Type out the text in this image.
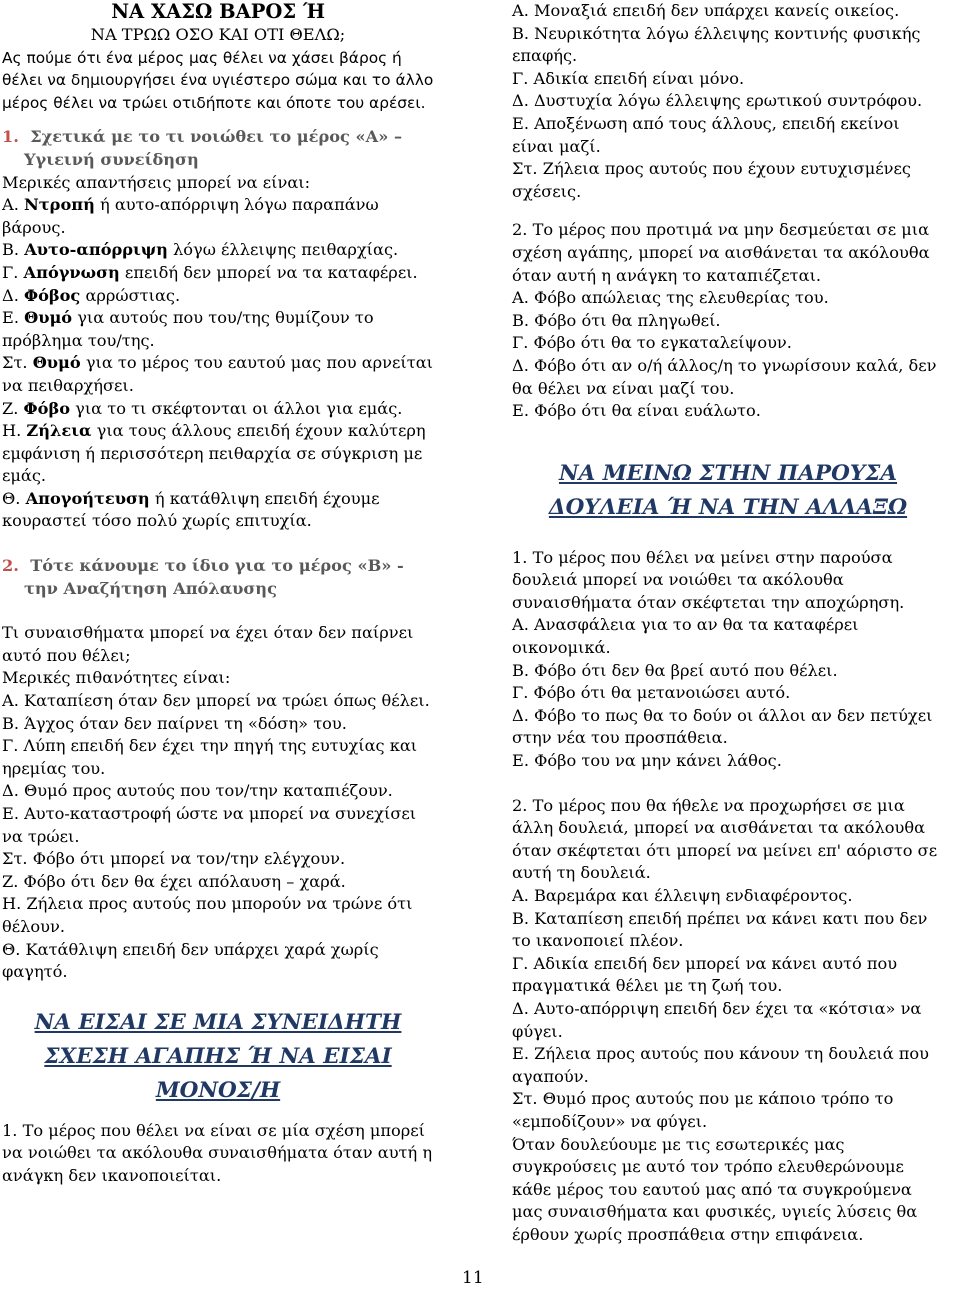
ΝΑ ΧΑΣΩ ΒΑΡΟΣ Ή

ΝΑ ΤΡΩΩ ΟΣΟ ΚΑΙ ΟΤΙ ΘΕΛΩ;

Ας πούμε ότι ένα μέρος μας θέλει να χάσει βάρος ή θέλει να δημιουργήσει ένα υγιέστερο σώμα και το άλλο μέρος θέλει να τρώει οτιδήποτε και όποτε του αρέσει.

1. Σχετικά με το τι νοιώθει το μέρος «Α» – Υγιεινή συνείδηση

Μερικές απαντήσεις μπορεί να είναι:

Α. Ντροπή ή αυτο-απόρριψη λόγω παραπάνω βάρους.

Β. Αυτο-απόρριψη λόγω έλλειψης πειθαρχίας.

Γ. Απόγνωση επειδή δεν μπορεί να τα καταφέρει.

Δ. Φόβος αρρώστιας.

Ε. Θυμό για αυτούς που του/της θυμίζουν το πρόβλημα του/της.

Στ. Θυμό για το μέρος του εαυτού μας που αρνείται να πειθαρχήσει.

Ζ. Φόβο για το τι σκέφτονται οι άλλοι για εμάς.

Η. Ζήλεια για τους άλλους επειδή έχουν καλύτερη εμφάνιση ή περισσότερη πειθαρχία σε σύγκριση με εμάς.

Θ. Απογοήτευση ή κατάθλιψη επειδή έχουμε κουραστεί τόσο πολύ χωρίς επιτυχία.

2. Τότε κάνουμε το ίδιο για το μέρος «Β» - την Αναζήτηση Απόλαυσης

Τι συναισθήματα μπορεί να έχει όταν δεν παίρνει αυτό που θέλει;

Μερικές πιθανότητες είναι:

Α. Καταπίεση όταν δεν μπορεί να τρώει όπως θέλει.

Β. Άγχος όταν δεν παίρνει τη «δόση» του.

Γ. Λύπη επειδή δεν έχει την πηγή της ευτυχίας και ηρεμίας του.

Δ. Θυμό προς αυτούς που τον/την καταπιέζουν.

Ε. Αυτο-καταστροφή ώστε να μπορεί να συνεχίσει να τρώει.

Στ. Φόβο ότι μπορεί να τον/την ελέγχουν.

Ζ. Φόβο ότι δεν θα έχει απόλαυση – χαρά.

Η. Ζήλεια προς αυτούς που μπορούν να τρώνε ότι θέλουν.

Θ. Κατάθλιψη επειδή δεν υπάρχει χαρά χωρίς φαγητό.

ΝΑ ΕΙΣΑΙ ΣΕ ΜΙΑ ΣΥΝΕΙΔΗΤΗ ΣΧΕΣΗ ΑΓΑΠΗΣ Ή ΝΑ ΕΙΣΑΙ ΜΟΝΟΣ/Η

1. Το μέρος που θέλει να είναι σε μία σχέση μπορεί να νοιώθει τα ακόλουθα συναισθήματα όταν αυτή η ανάγκη δεν ικανοποιείται.

Α. Μοναξιά επειδή δεν υπάρχει κανείς οικείος.

Β. Νευρικότητα λόγω έλλειψης κοντινής φυσικής επαφής.

Γ. Αδικία επειδή είναι μόνο.

Δ. Δυστυχία λόγω έλλειψης ερωτικού συντρόφου.

Ε. Αποξένωση από τους άλλους, επειδή εκείνοι είναι μαζί.

Στ. Ζήλεια προς αυτούς που έχουν ευτυχισμένες σχέσεις.

2. Το μέρος που προτιμά να μην δεσμεύεται σε μια σχέση αγάπης, μπορεί να αισθάνεται τα ακόλουθα όταν αυτή η ανάγκη το καταπιέζεται.

Α. Φόβο απώλειας της ελευθερίας του.

Β. Φόβο ότι θα πληγωθεί.

Γ. Φόβο ότι θα το εγκαταλείψουν.

Δ. Φόβο ότι αν ο/ή άλλος/η το γνωρίσουν καλά, δεν θα θέλει να είναι μαζί του.

Ε. Φόβο ότι θα είναι ευάλωτο.

ΝΑ ΜΕΙΝΩ ΣΤΗΝ ΠΑΡΟΥΣΑ ΔΟΥΛΕΙΑ Ή ΝΑ ΤΗΝ ΑΛΛΑΞΩ

1. Το μέρος που θέλει να μείνει στην παρούσα δουλειά μπορεί να νοιώθει τα ακόλουθα συναισθήματα όταν σκέφτεται την αποχώρηση.

Α. Ανασφάλεια για το αν θα τα καταφέρει οικονομικά.

Β. Φόβο ότι δεν θα βρεί αυτό που θέλει.

Γ. Φόβο ότι θα μετανοιώσει αυτό.

Δ. Φόβο το πως θα το δούν οι άλλοι αν δεν πετύχει στην νέα του προσπάθεια.

Ε. Φόβο του να μην κάνει λάθος.

2. Το μέρος που θα ήθελε να προχωρήσει σε μια άλλη δουλειά, μπορεί να αισθάνεται τα ακόλουθα όταν σκέφτεται ότι μπορεί να μείνει επ' αόριστο σε αυτή τη δουλειά.

Α. Βαρεμάρα και έλλειψη ενδιαφέροντος.

Β. Καταπίεση επειδή πρέπει να κάνει κατι που δεν το ικανοποιεί πλέον.

Γ. Αδικία επειδή δεν μπορεί να κάνει αυτό που πραγματικά θέλει με τη ζωή του.

Δ. Αυτο-απόρριψη επειδή δεν έχει τα «κότσια» να φύγει.

Ε. Ζήλεια προς αυτούς που κάνουν τη δουλειά που αγαπούν.

Στ. Θυμό προς αυτούς που με κάποιο τρόπο το «εμποδίζουν» να φύγει.

Όταν δουλεύουμε με τις εσωτερικές μας συγκρούσεις με αυτό τον τρόπο ελευθερώνουμε κάθε μέρος του εαυτού μας από τα συγκρούμενα μας συναισθήματα και φυσικές, υγιείς λύσεις θα έρθουν χωρίς προσπάθεια στην επιφάνεια.

11
